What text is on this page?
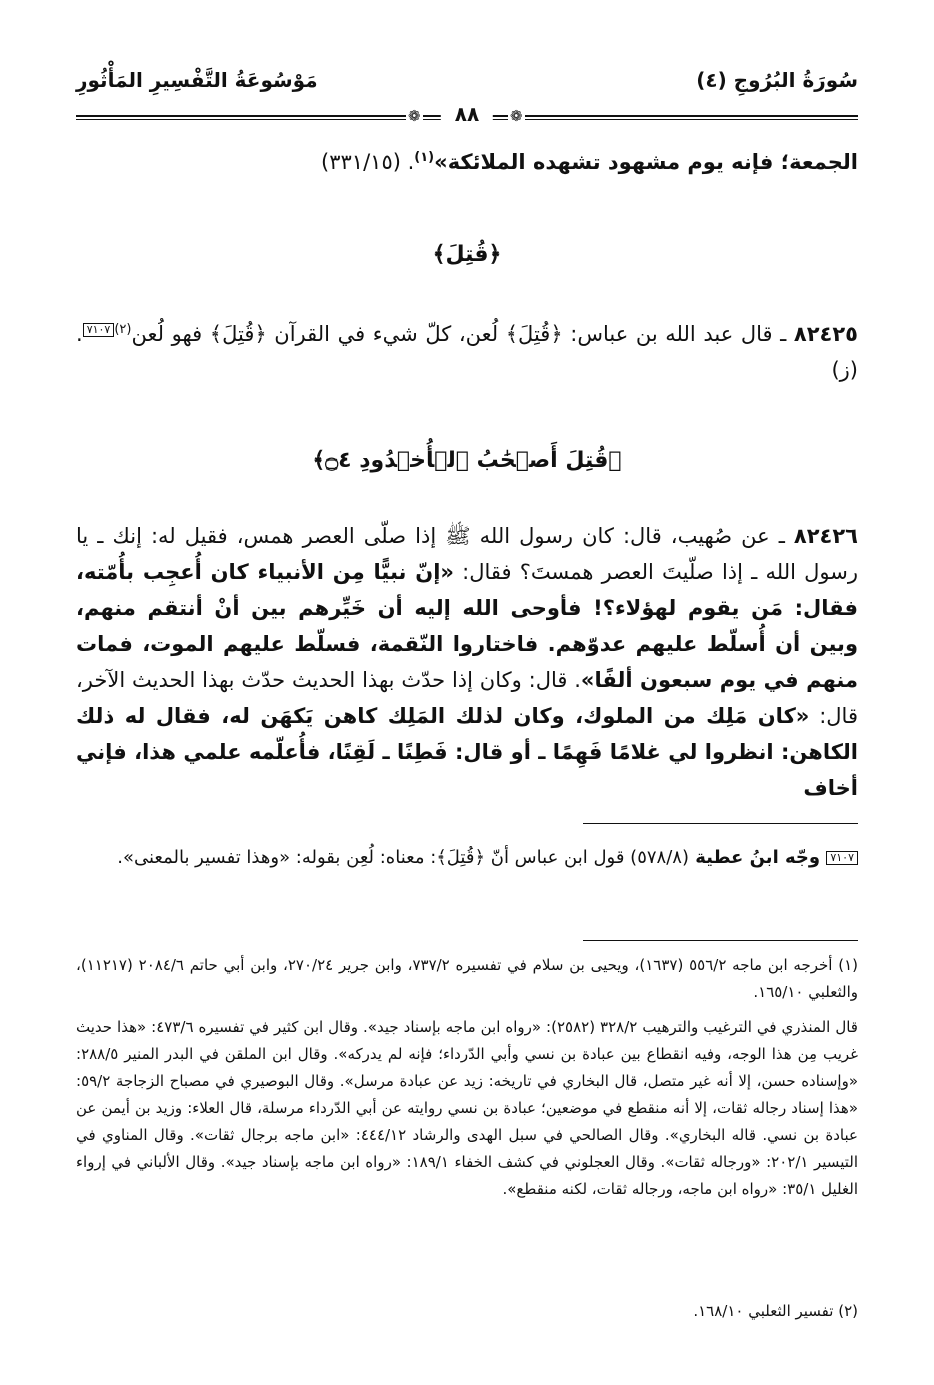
سُورَةُ البُرُوجِ (٤)
مَوْسُوعَةُ التَّفْسِيرِ المَأْثُورِ
❁	❁
٨٨
الجمعة؛ فإنه يوم مشهود تشهده الملائكة»$^{(١)}$. (٣٣١/١٥)
﴿قُتِلَ﴾
٨٢٤٢٥ ـ قال عبد الله بن عباس: ﴿قُتِلَ﴾ لُعن، كلّ شيء في القرآن ﴿قُتِلَ﴾ فهو لُعن$^{(٢)}$٧١٠٧. (ز)
﴿قُتِلَ أَصۡحَٰبُ ٱلۡأُخۡدُودِ ۝٤﴾
٨٢٤٢٦ ـ عن صُهيب، قال: كان رسول الله ﷺ إذا صلّى العصر همس، فقيل له: إنك ـ يا رسول الله ـ إذا صلّيتَ العصر همستَ؟ فقال: «إنّ نبيًّا مِن الأنبياء كان أُعجِب بأُمّته، فقال: مَن يقوم لهؤلاء؟! فأوحى الله إليه أن خَيِّرهم بين أنْ أنتقم منهم، وبين أن أُسلّط عليهم عدوّهم. فاختاروا النّقمة، فسلّط عليهم الموت، فمات منهم في يوم سبعون ألفًا». قال: وكان إذا حدّث بهذا الحديث حدّث بهذا الحديث الآخر، قال: «كان مَلِك من الملوك، وكان لذلك المَلِك كاهن يَكهَن له، فقال له ذلك الكاهن: انظروا لي غلامًا فَهِمًا ـ أو قال: فَطِنًا ـ لَقِنًا، فأُعلّمه علمي هذا، فإني أخاف
٧١٠٧ وجّه ابنُ عطية (٥٧٨/٨) قول ابن عباس أنّ ﴿قُتِلَ﴾: معناه: لُعِن بقوله: «وهذا تفسير بالمعنى».
(١) أخرجه ابن ماجه ٥٥٦/٢ (١٦٣٧)، ويحيى بن سلام في تفسيره ٧٣٧/٢، وابن جرير ٢٧٠/٢٤، وابن أبي حاتم ٢٠٨٤/٦ (١١٢١٧)، والثعلبي ١٦٥/١٠.
قال المنذري في الترغيب والترهيب ٣٢٨/٢ (٢٥٨٢): «رواه ابن ماجه بإسناد جيد». وقال ابن كثير في تفسيره ٤٧٣/٦: «هذا حديث غريب مِن هذا الوجه، وفيه انقطاع بين عبادة بن نسي وأبي الدّرداء؛ فإنه لم يدركه». وقال ابن الملقن في البدر المنير ٢٨٨/٥: «وإسناده حسن، إلا أنه غير متصل، قال البخاري في تاريخه: زيد عن عبادة مرسل». وقال البوصيري في مصباح الزجاجة ٥٩/٢: «هذا إسناد رجاله ثقات، إلا أنه منقطع في موضعين؛ عبادة بن نسي روايته عن أبي الدّرداء مرسلة، قال العلاء: وزيد بن أيمن عن عبادة بن نسي. قاله البخاري». وقال الصالحي في سبل الهدى والرشاد ٤٤٤/١٢: «ابن ماجه برجال ثقات». وقال المناوي في التيسير ٢٠٢/١: «ورجاله ثقات». وقال العجلوني في كشف الخفاء ١٨٩/١: «رواه ابن ماجه بإسناد جيد». وقال الألباني في إرواء الغليل ٣٥/١: «رواه ابن ماجه، ورجاله ثقات، لكنه منقطع».
(٢) تفسير الثعلبي ١٦٨/١٠.
